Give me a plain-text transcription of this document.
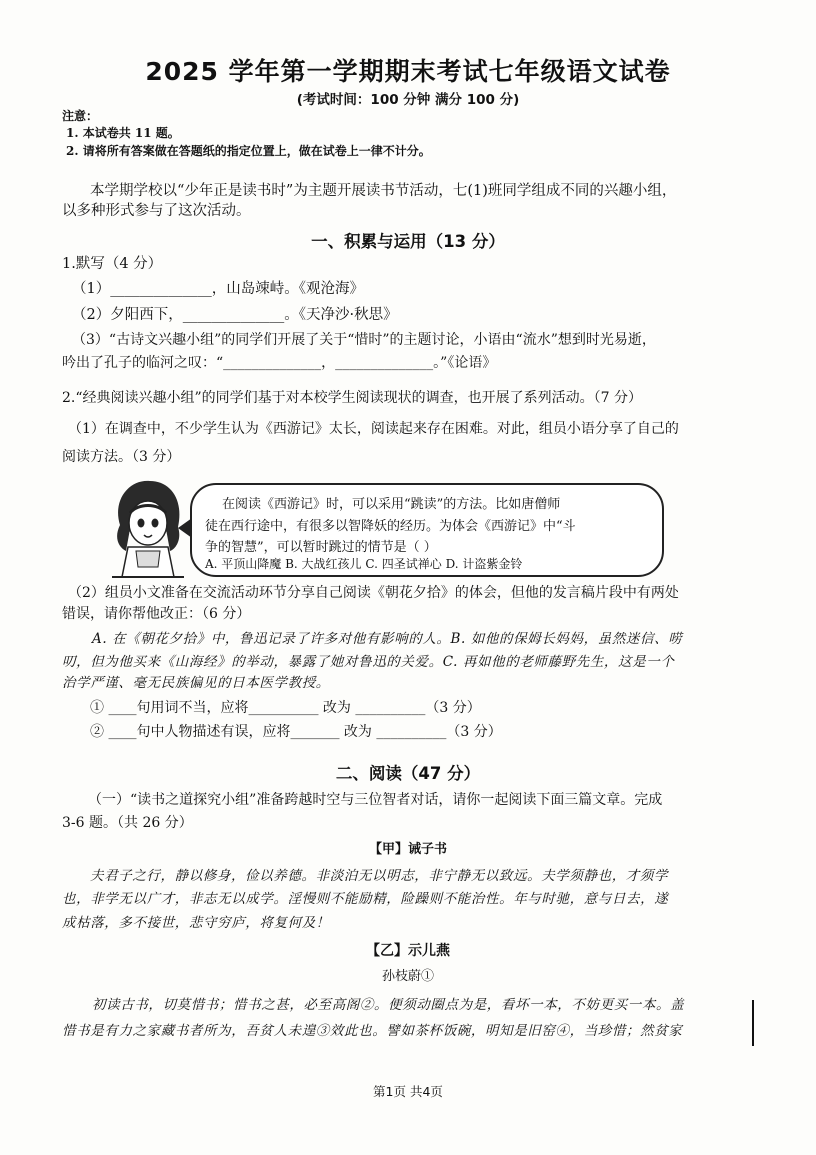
2025 学年第一学期期末考试七年级语文试卷
(考试时间：100 分钟 满分 100 分)
注意：
1. 本试卷共 11 题。
2. 请将所有答案做在答题纸的指定位置上，做在试卷上一律不计分。
本学期学校以“少年正是读书时”为主题开展读书节活动，七(1)班同学组成不同的兴趣小组，
以多种形式参与了这次活动。
一、积累与运用（13 分）
1.默写（4 分）
（1）______________，山岛竦峙。《观沧海》
（2）夕阳西下，______________。《天净沙·秋思》
（3）“古诗文兴趣小组”的同学们开展了关于“惜时”的主题讨论，小语由“流水”想到时光易逝，
吟出了孔子的临河之叹：“______________，______________。”《论语》
2.“经典阅读兴趣小组”的同学们基于对本校学生阅读现状的调查，也开展了系列活动。（7 分）
（1）在调查中，不少学生认为《西游记》太长，阅读起来存在困难。对此，组员小语分享了自己的
阅读方法。（3 分）
在阅读《西游记》时，可以采用“跳读”的方法。比如唐僧师
徒在西行途中，有很多以智降妖的经历。为体会《西游记》中“斗
争的智慧”，可以暂时跳过的情节是（ ）
A. 平顶山降魔 B. 大战红孩儿 C. 四圣试禅心 D. 计盗紫金铃
（2）组员小文准备在交流活动环节分享自己阅读《朝花夕拾》的体会，但他的发言稿片段中有两处
错误，请你帮他改正：（6 分）
A. 在《朝花夕拾》中，鲁迅记录了许多对他有影响的人。B. 如他的保姆长妈妈，虽然迷信、唠
叨，但为他买来《山海经》的举动，暴露了她对鲁迅的关爱。C. 再如他的老师藤野先生，这是一个
治学严谨、毫无民族偏见的日本医学教授。
① ____句用词不当，应将__________ 改为 __________（3 分）
② ____句中人物描述有误，应将_______ 改为 __________（3 分）
二、阅读（47 分）
（一）“读书之道探究小组”准备跨越时空与三位智者对话，请你一起阅读下面三篇文章。完成
3-6 题。（共 26 分）
【甲】诫子书
夫君子之行，静以修身，俭以养德。非淡泊无以明志，非宁静无以致远。夫学须静也，才须学
也，非学无以广才，非志无以成学。淫慢则不能励精，险躁则不能治性。年与时驰，意与日去，遂
成枯落，多不接世，悲守穷庐，将复何及！
【乙】示儿燕
孙枝蔚①
初读古书，切莫惜书；惜书之甚，必至高阁②。便须动圈点为是，看坏一本，不妨更买一本。盖
惜书是有力之家藏书者所为，吾贫人未遑③效此也。譬如茶杯饭碗，明知是旧窑④，当珍惜；然贫家
第1页 共4页
